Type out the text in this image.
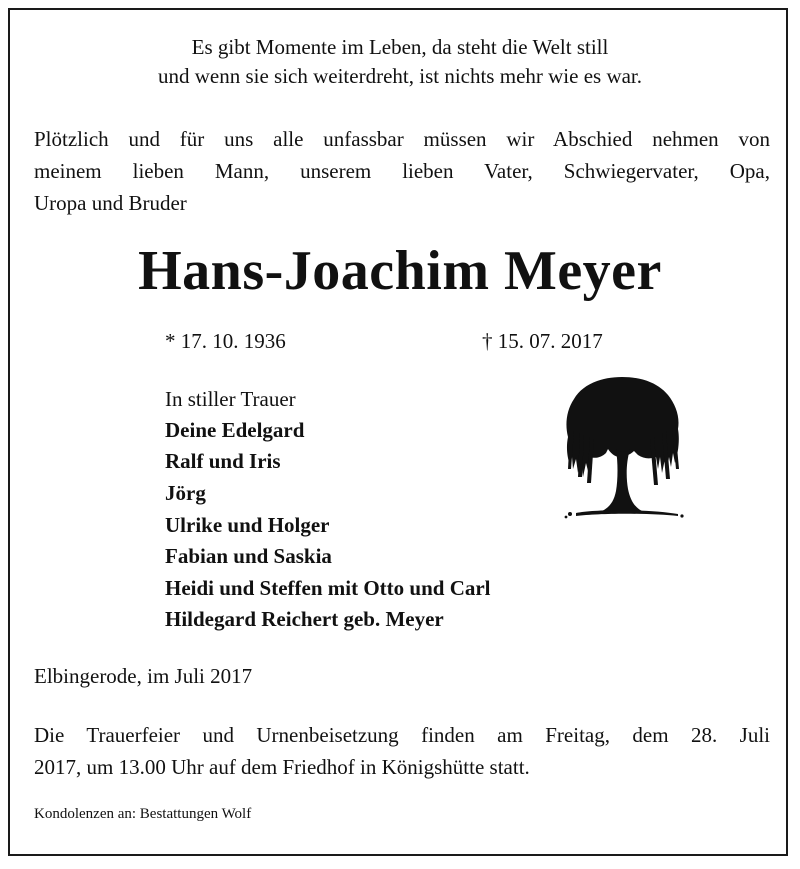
Es gibt Momente im Leben, da steht die Welt still
und wenn sie sich weiterdreht, ist nichts mehr wie es war.
Plötzlich und für uns alle unfassbar müssen wir Abschied nehmen von
meinem lieben Mann, unserem lieben Vater, Schwiegervater, Opa,
Uropa und Bruder
Hans-Joachim Meyer
* 17. 10. 1936	† 15. 07. 2017
In stiller Trauer
Deine Edelgard
Ralf und Iris
Jörg
Ulrike und Holger
Fabian und Saskia
Heidi und Steffen mit Otto und Carl
Hildegard Reichert geb. Meyer
Elbingerode, im Juli 2017
Die Trauerfeier und Urnenbeisetzung finden am Freitag, dem 28. Juli
2017, um 13.00 Uhr auf dem Friedhof in Königshütte statt.
Kondolenzen an: Bestattungen Wolf
